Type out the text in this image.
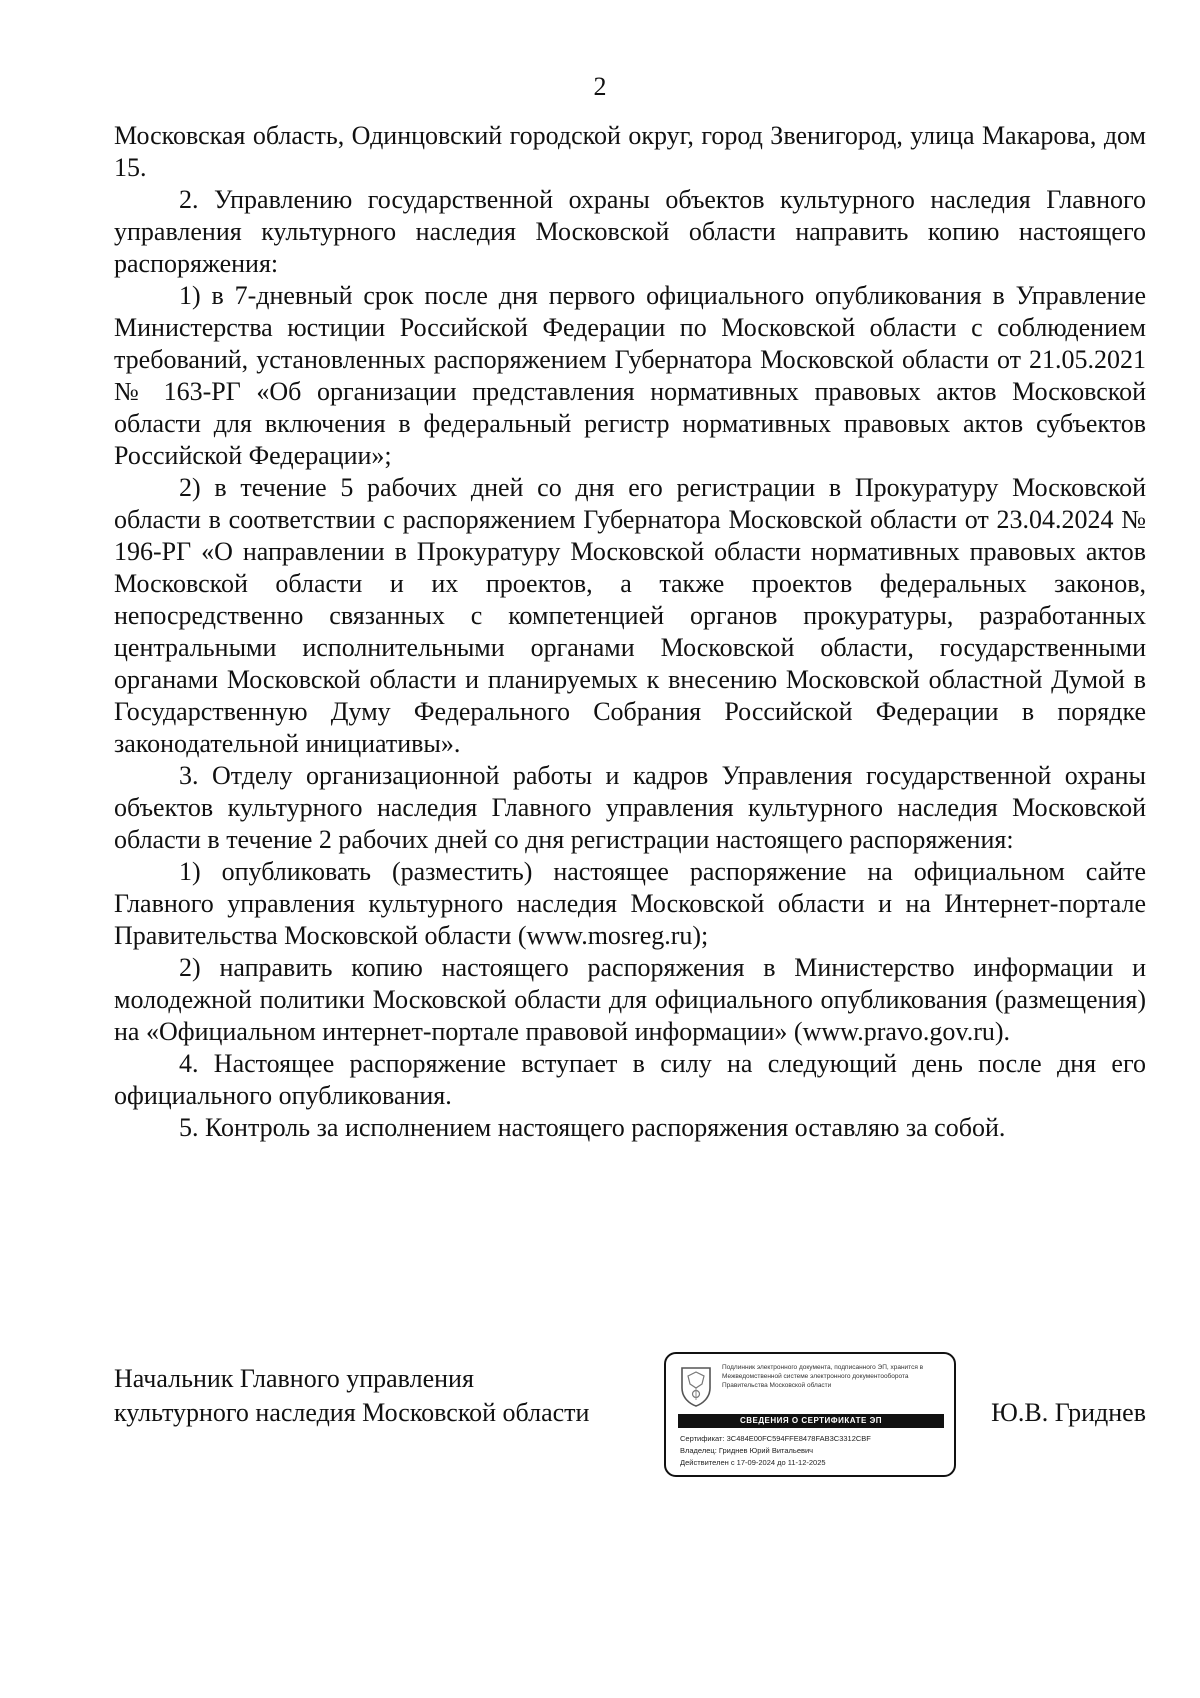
2

Московская область, Одинцовский городской округ, город Звенигород, улица Макарова, дом 15.

2. Управлению государственной охраны объектов культурного наследия Главного управления культурного наследия Московской области направить копию настоящего распоряжения:

1) в 7-дневный срок после дня первого официального опубликования в Управление Министерства юстиции Российской Федерации по Московской области с соблюдением требований, установленных распоряжением Губернатора Московской области от 21.05.2021 № 163-РГ «Об организации представления нормативных правовых актов Московской области для включения в федеральный регистр нормативных правовых актов субъектов Российской Федерации»;

2) в течение 5 рабочих дней со дня его регистрации в Прокуратуру Московской области в соответствии с распоряжением Губернатора Московской области от 23.04.2024 № 196-РГ «О направлении в Прокуратуру Московской области нормативных правовых актов Московской области и их проектов, а также проектов федеральных законов, непосредственно связанных с компетенцией органов прокуратуры, разработанных центральными исполнительными органами Московской области, государственными органами Московской области и планируемых к внесению Московской областной Думой в Государственную Думу Федерального Собрания Российской Федерации в порядке законодательной инициативы».

3. Отделу организационной работы и кадров Управления государственной охраны объектов культурного наследия Главного управления культурного наследия Московской области в течение 2 рабочих дней со дня регистрации настоящего распоряжения:

1) опубликовать (разместить) настоящее распоряжение на официальном сайте Главного управления культурного наследия Московской области и на Интернет-портале Правительства Московской области (www.mosreg.ru);

2) направить копию настоящего распоряжения в Министерство информации и молодежной политики Московской области для официального опубликования (размещения) на «Официальном интернет-портале правовой информации» (www.pravo.gov.ru).

4. Настоящее распоряжение вступает в силу на следующий день после дня его официального опубликования.

5. Контроль за исполнением настоящего распоряжения оставляю за собой.

Начальник Главного управления
культурного наследия Московской области
Подлинник электронного документа, подписанного ЭП, хранится в Межведомственной системе электронного документооборота Правительства Московской области
СВЕДЕНИЯ О СЕРТИФИКАТЕ ЭП
Сертификат: 3C484E00FC594FFE8478FAB3C3312CBF
Владелец: Гриднев Юрий Витальевич
Действителен с 17-09-2024 до 11-12-2025
Ю.В. Гриднев
